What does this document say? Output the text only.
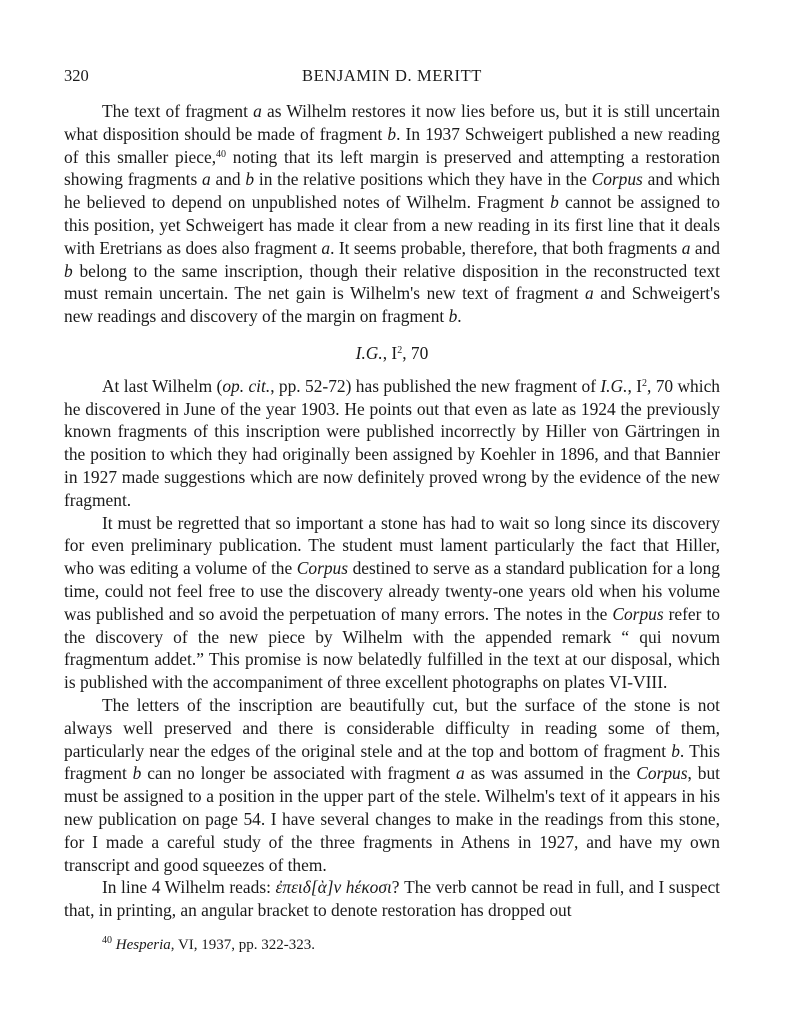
320	BENJAMIN D. MERITT

The text of fragment a as Wilhelm restores it now lies before us, but it is still uncertain what disposition should be made of fragment b. In 1937 Schweigert published a new reading of this smaller piece,$^{40}$ noting that its left margin is preserved and attempting a restoration showing fragments a and b in the relative positions which they have in the Corpus and which he believed to depend on unpublished notes of Wilhelm. Fragment b cannot be assigned to this position, yet Schweigert has made it clear from a new reading in its first line that it deals with Eretrians as does also fragment a. It seems probable, therefore, that both fragments a and b belong to the same inscription, though their relative disposition in the reconstructed text must remain uncertain. The net gain is Wilhelm's new text of fragment a and Schweigert's new readings and discovery of the margin on fragment b.

I.G., $I^2$, 70

At last Wilhelm (op. cit., pp. 52-72) has published the new fragment of I.G., $I^2$, 70 which he discovered in June of the year 1903. He points out that even as late as 1924 the previously known fragments of this inscription were published incorrectly by Hiller von Gärtringen in the position to which they had originally been assigned by Koehler in 1896, and that Bannier in 1927 made suggestions which are now definitely proved wrong by the evidence of the new fragment.

It must be regretted that so important a stone has had to wait so long since its discovery for even preliminary publication. The student must lament particularly the fact that Hiller, who was editing a volume of the Corpus destined to serve as a standard publication for a long time, could not feel free to use the discovery already twenty-one years old when his volume was published and so avoid the perpetuation of many errors. The notes in the Corpus refer to the discovery of the new piece by Wilhelm with the appended remark “ qui novum fragmentum addet.” This promise is now belatedly fulfilled in the text at our disposal, which is published with the accompaniment of three excellent photographs on plates VI-VIII.

The letters of the inscription are beautifully cut, but the surface of the stone is not always well preserved and there is considerable difficulty in reading some of them, particularly near the edges of the original stele and at the top and bottom of fragment b. This fragment b can no longer be associated with fragment a as was assumed in the Corpus, but must be assigned to a position in the upper part of the stele. Wilhelm's text of it appears in his new publication on page 54. I have several changes to make in the readings from this stone, for I made a careful study of the three fragments in Athens in 1927, and have my own transcript and good squeezes of them.

In line 4 Wilhelm reads: ἐπειδ[ὰ]ν hέκοσι? The verb cannot be read in full, and I suspect that, in printing, an angular bracket to denote restoration has dropped out

$^{40}$ Hesperia, VI, 1937, pp. 322-323.
